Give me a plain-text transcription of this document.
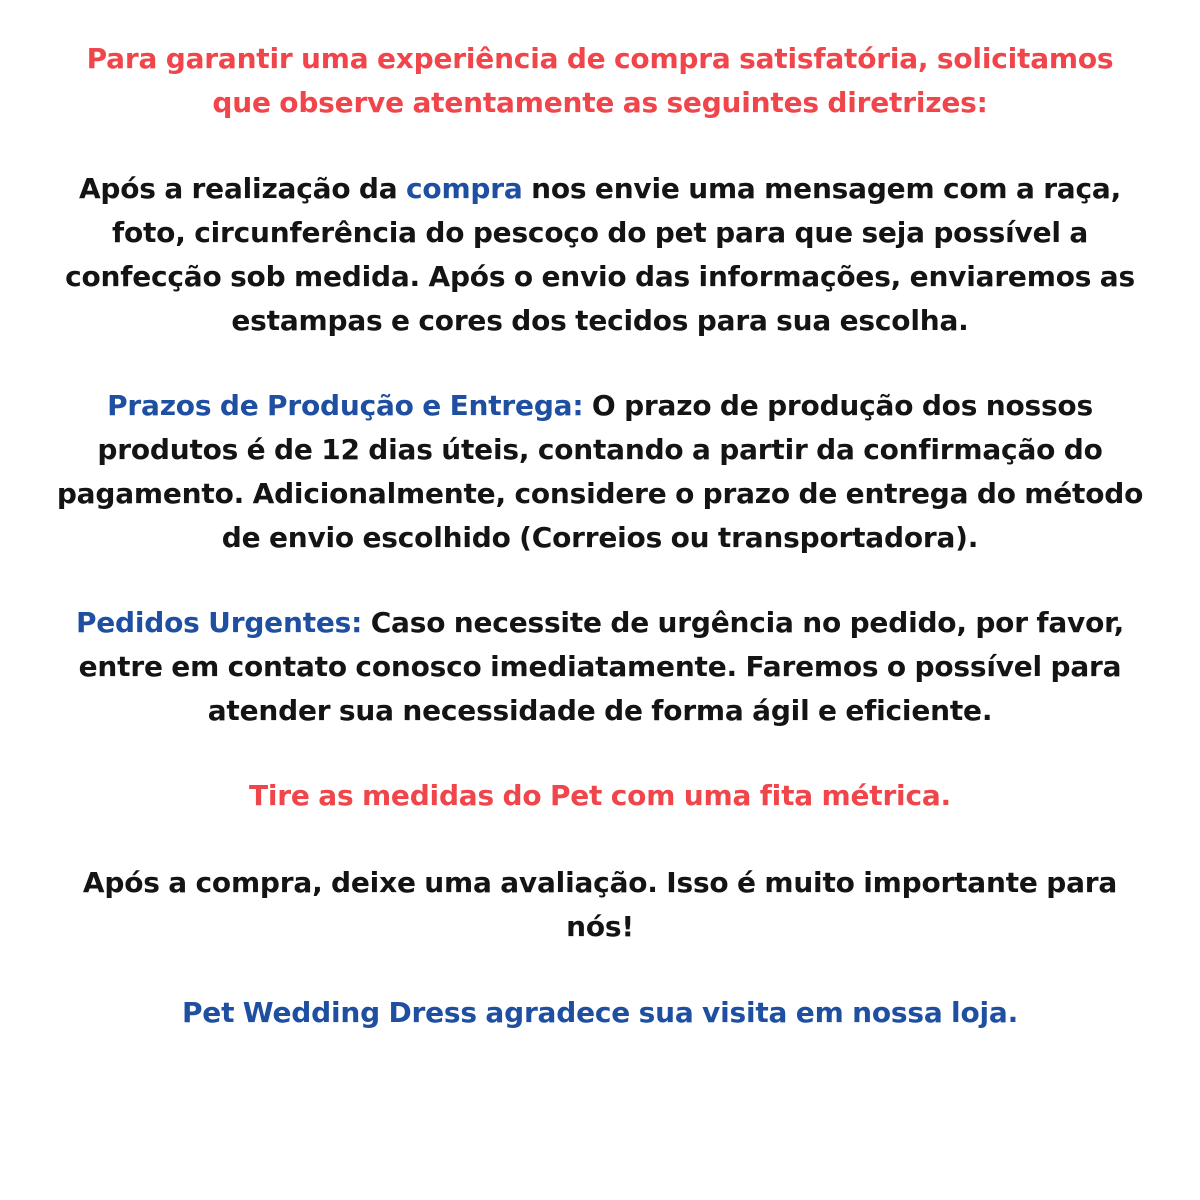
Para garantir uma experiência de compra satisfatória, solicitamos
que observe atentamente as seguintes diretrizes:
Após a realização da compra nos envie uma mensagem com a raça,
foto, circunferência do pescoço do pet para que seja possível a
confecção sob medida. Após o envio das informações, enviaremos as
estampas e cores dos tecidos para sua escolha.
Prazos de Produção e Entrega: O prazo de produção dos nossos
produtos é de 12 dias úteis, contando a partir da confirmação do
pagamento. Adicionalmente, considere o prazo de entrega do método
de envio escolhido (Correios ou transportadora).
Pedidos Urgentes: Caso necessite de urgência no pedido, por favor,
entre em contato conosco imediatamente. Faremos o possível para
atender sua necessidade de forma ágil e eficiente.
Tire as medidas do Pet com uma fita métrica.
Após a compra, deixe uma avaliação. Isso é muito importante para
nós!
Pet Wedding Dress agradece sua visita em nossa loja.
